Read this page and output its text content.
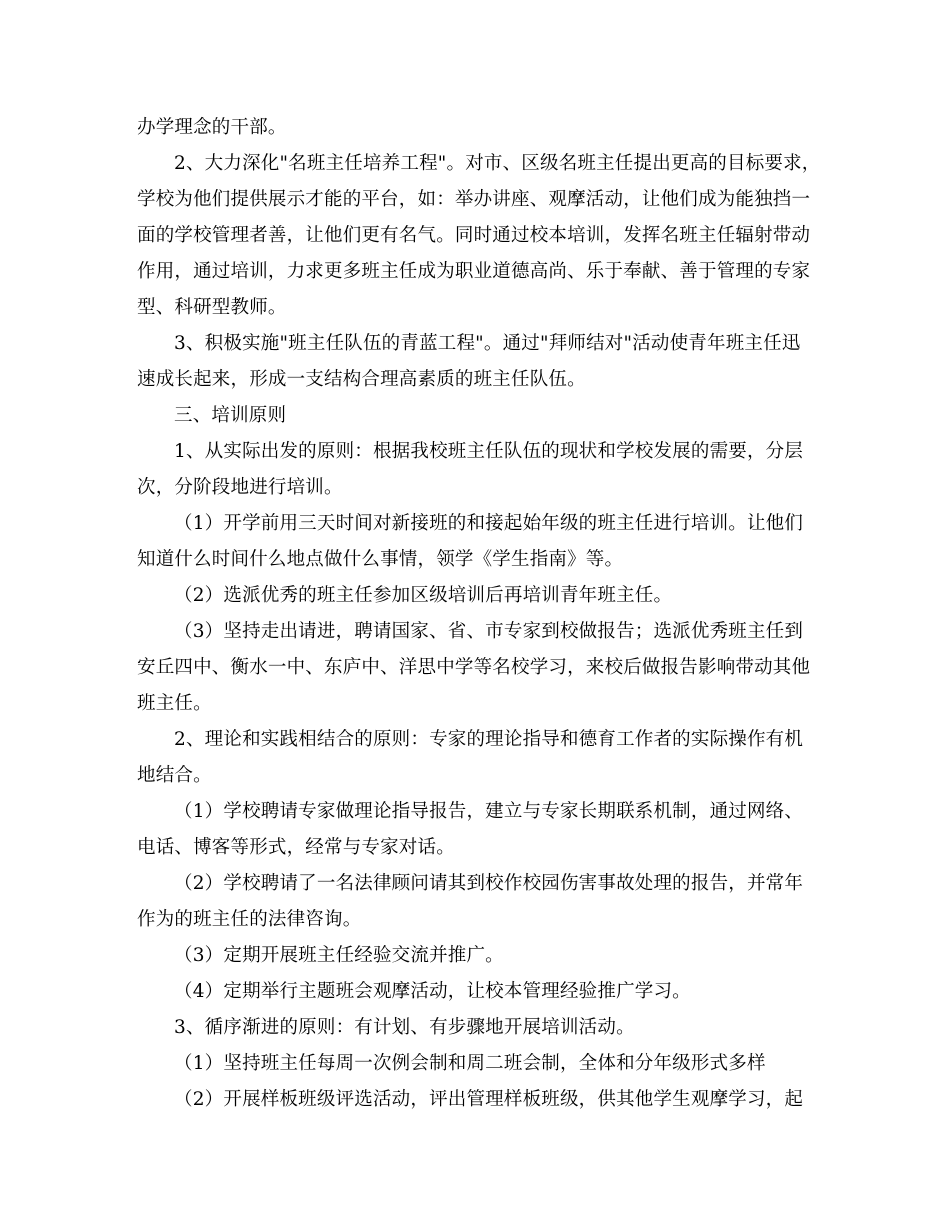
办学理念的干部。

2、大力深化"名班主任培养工程"。对市、区级名班主任提出更高的目标要求，

学校为他们提供展示才能的平台，如：举办讲座、观摩活动，让他们成为能独挡一

面的学校管理者善，让他们更有名气。同时通过校本培训，发挥名班主任辐射带动

作用，通过培训，力求更多班主任成为职业道德高尚、乐于奉献、善于管理的专家

型、科研型教师。

3、积极实施"班主任队伍的青蓝工程"。通过"拜师结对"活动使青年班主任迅

速成长起来，形成一支结构合理高素质的班主任队伍。

三、培训原则

1、从实际出发的原则：根据我校班主任队伍的现状和学校发展的需要，分层

次，分阶段地进行培训。

（1）开学前用三天时间对新接班的和接起始年级的班主任进行培训。让他们

知道什么时间什么地点做什么事情，领学《学生指南》等。

（2）选派优秀的班主任参加区级培训后再培训青年班主任。

（3）坚持走出请进，聘请国家、省、市专家到校做报告；选派优秀班主任到

安丘四中、衡水一中、东庐中、洋思中学等名校学习，来校后做报告影响带动其他

班主任。

2、理论和实践相结合的原则：专家的理论指导和德育工作者的实际操作有机

地结合。

（1）学校聘请专家做理论指导报告，建立与专家长期联系机制，通过网络、

电话、博客等形式，经常与专家对话。

（2）学校聘请了一名法律顾问请其到校作校园伤害事故处理的报告，并常年

作为的班主任的法律咨询。

（3）定期开展班主任经验交流并推广。

（4）定期举行主题班会观摩活动，让校本管理经验推广学习。

3、循序渐进的原则：有计划、有步骤地开展培训活动。

（1）坚持班主任每周一次例会制和周二班会制，全体和分年级形式多样

（2）开展样板班级评选活动，评出管理样板班级，供其他学生观摩学习，起
